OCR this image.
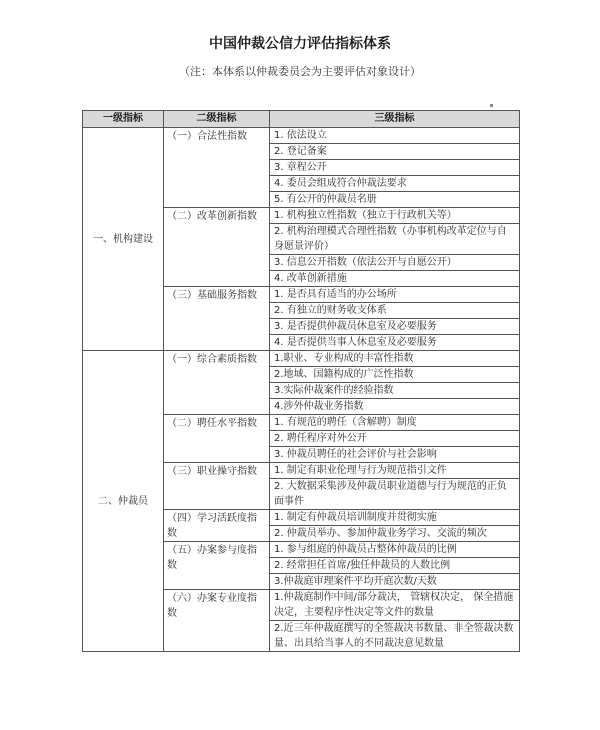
中国仲裁公信力评估指标体系
（注：本体系以仲裁委员会为主要评估对象设计）
一级指标	二级指标	三级指标
一、机构建设	（一）合法性指数	1. 依法设立
		2. 登记备案
		3. 章程公开
		4. 委员会组成符合仲裁法要求
		5. 有公开的仲裁员名册
	（二）改革创新指数	1. 机构独立性指数（独立于行政机关等）
		2. 机构治理模式合理性指数（办事机构改革定位与自身愿景评价）
		3. 信息公开指数（依法公开与自愿公开）
		4. 改革创新措施
	（三）基础服务指数	1. 是否具有适当的办公场所
		2. 有独立的财务收支体系
		3. 是否提供仲裁员休息室及必要服务
		4. 是否提供当事人休息室及必要服务
二、仲裁员	（一）综合素质指数	1.职业、专业构成的丰富性指数
		2.地域、国籍构成的广泛性指数
		3.实际仲裁案件的经验指数
		4.涉外仲裁业务指数
	（二）聘任水平指数	1. 有规范的聘任（含解聘）制度
		2. 聘任程序对外公开
		3. 仲裁员聘任的社会评价与社会影响
	（三）职业操守指数	1. 制定有职业伦理与行为规范指引文件
		2. 大数据采集涉及仲裁员职业道德与行为规范的正负面事件
	（四）学习活跃度指数	1. 制定有仲裁员培训制度并贯彻实施
		2. 仲裁员举办、参加仲裁业务学习、交流的频次
	（五）办案参与度指数	1. 参与组庭的仲裁员占整体仲裁员的比例
		2. 经常担任首席/独任仲裁员的人数比例
		3.仲裁庭审理案件平均开庭次数/天数
	（六）办案专业度指数	1.仲裁庭制作中间/部分裁决， 管辖权决定， 保全措施决定，主要程序性决定等文件的数量
		2.近三年仲裁庭撰写的全签裁决书数量、非全签裁决数 量、出具给当事人的不同裁决意见数量
